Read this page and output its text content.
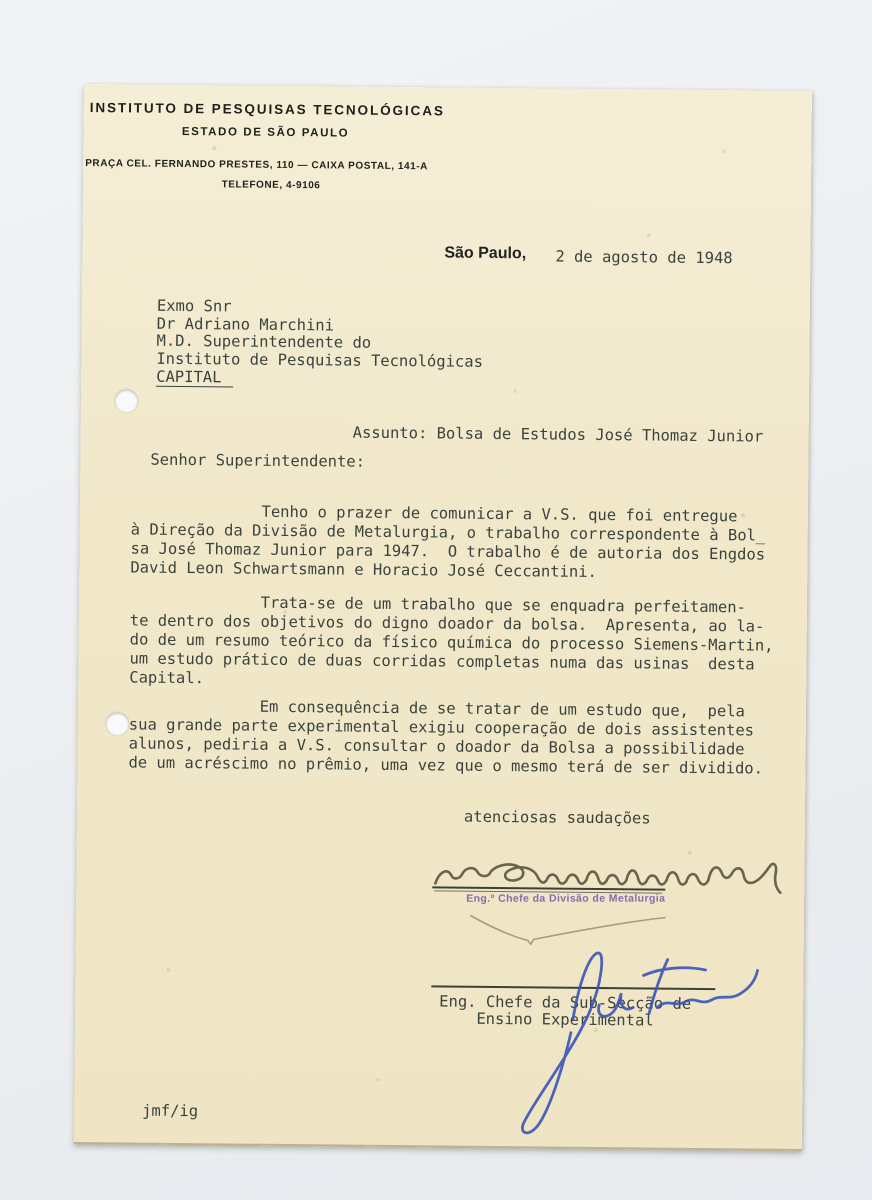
INSTITUTO DE PESQUISAS TECNOLÓGICAS
ESTADO DE SÃO PAULO
PRAÇA CEL. FERNANDO PRESTES, 110 — CAIXA POSTAL, 141-A
TELEFONE, 4-9106
São Paulo, 2 de agosto de 1948
Exmo Snr
Dr Adriano Marchini
M.D. Superintendente do
Instituto de Pesquisas Tecnológicas
CAPITAL
Assunto: Bolsa de Estudos José Thomaz Junior
Senhor Superintendente:
Tenho o prazer de comunicar a V.S. que foi entregue
à Direção da Divisão de Metalurgia, o trabalho correspondente à Bol̲
sa José Thomaz Junior para 1947.  O trabalho é de autoria dos Engdos
David Leon Schwartsmann e Horacio José Ceccantini.
Trata-se de um trabalho que se enquadra perfeitamen-
te dentro dos objetivos do digno doador da bolsa.  Apresenta, ao la-
do de um resumo teórico da físico química do processo Siemens-Martin,
um estudo prático de duas corridas completas numa das usinas  desta
Capital.
Em consequência de se tratar de um estudo que,  pela
sua grande parte experimental exigiu cooperação de dois assistentes
alunos, pediria a V.S. consultar o doador da Bolsa a possibilidade
de um acréscimo no prêmio, uma vez que o mesmo terá de ser dividido.
atenciosas saudações
Eng.º Chefe da Divisão de Metalurgia
Eng. Chefe da Sub-Secção de
Ensino Experimental
jmf/ig
